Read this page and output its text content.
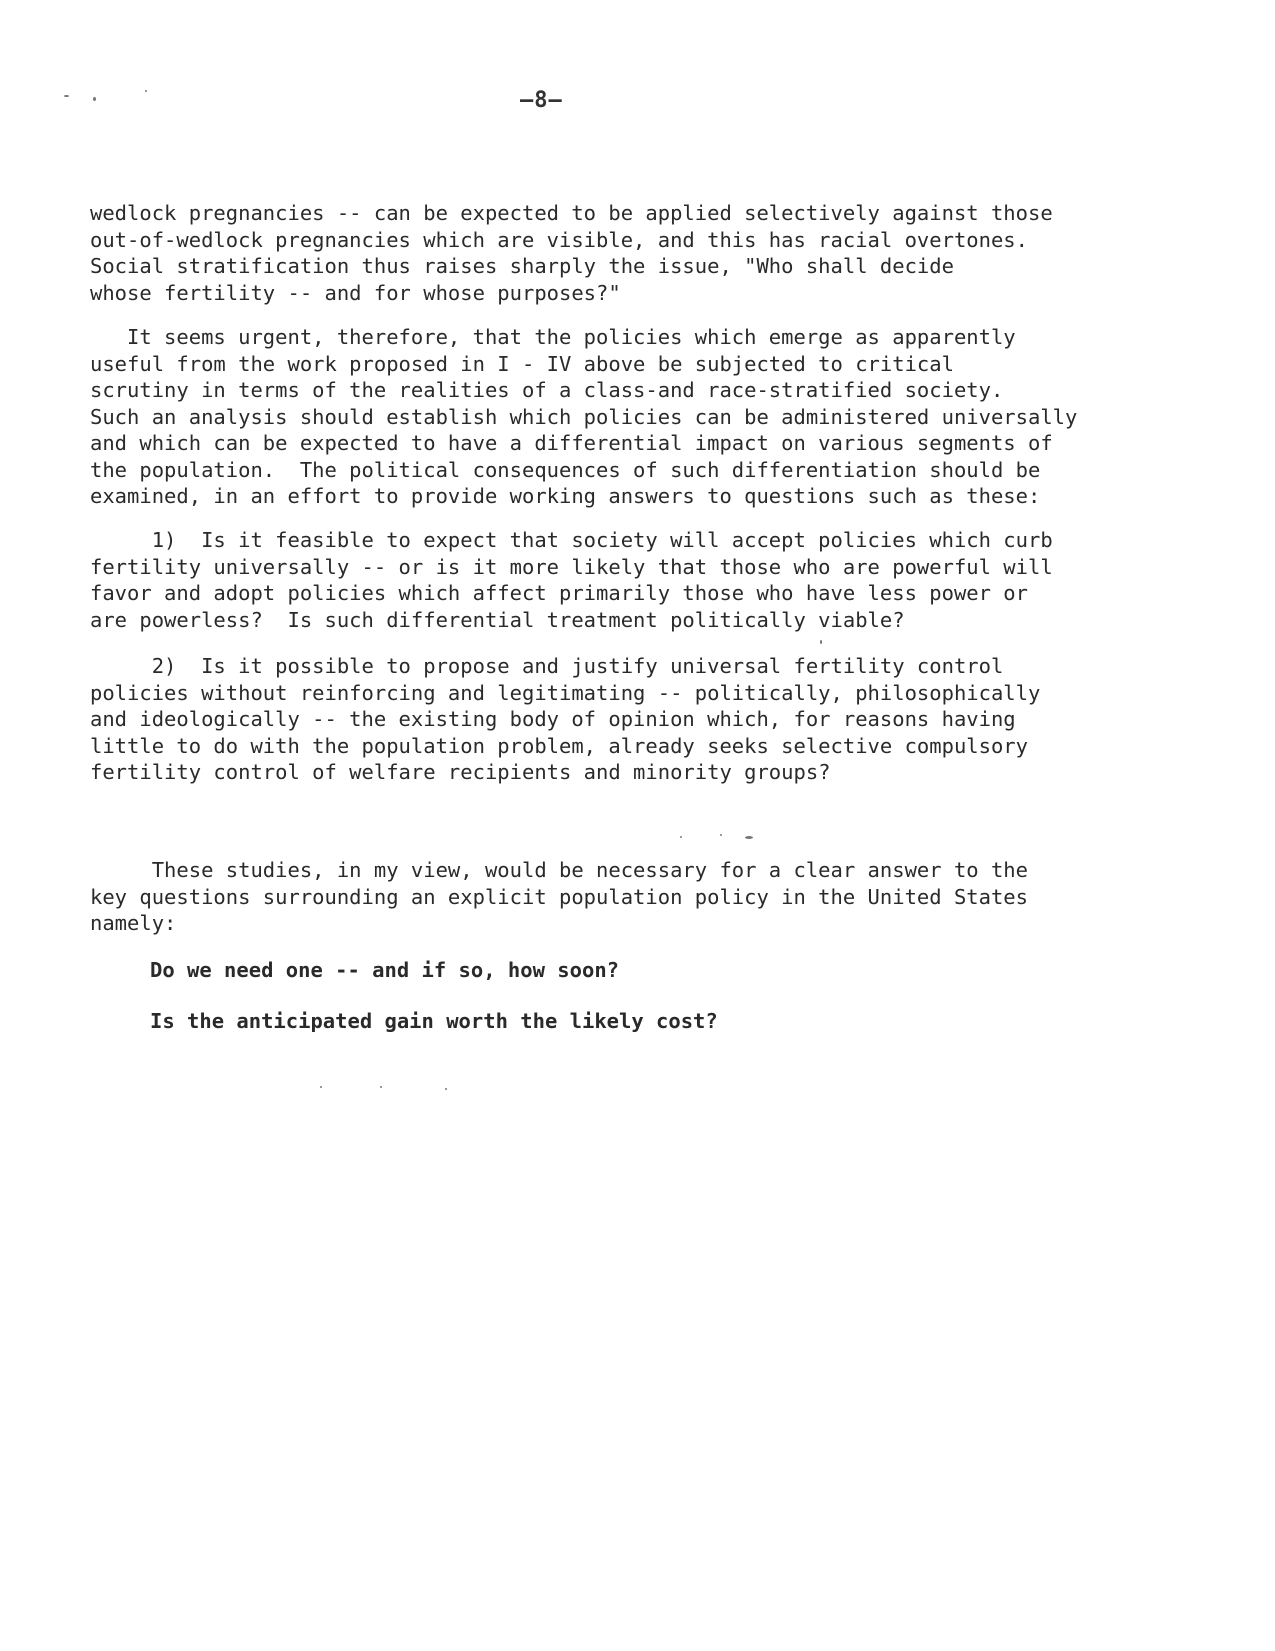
—8—

wedlock pregnancies -- can be expected to be applied selectively against those

out-of-wedlock pregnancies which are visible, and this has racial overtones.

Social stratification thus raises sharply the issue, "Who shall decide

whose fertility -- and for whose purposes?"

It seems urgent, therefore, that the policies which emerge as apparently

useful from the work proposed in I - IV above be subjected to critical

scrutiny in terms of the realities of a class-and race-stratified society.

Such an analysis should establish which policies can be administered universally

and which can be expected to have a differential impact on various segments of

the population.  The political consequences of such differentiation should be

examined, in an effort to provide working answers to questions such as these:

1)  Is it feasible to expect that society will accept policies which curb

fertility universally -- or is it more likely that those who are powerful will

favor and adopt policies which affect primarily those who have less power or

are powerless?  Is such differential treatment politically viable?

2)  Is it possible to propose and justify universal fertility control

policies without reinforcing and legitimating -- politically, philosophically

and ideologically -- the existing body of opinion which, for reasons having

little to do with the population problem, already seeks selective compulsory

fertility control of welfare recipients and minority groups?

These studies, in my view, would be necessary for a clear answer to the

key questions surrounding an explicit population policy in the United States

namely:

Do we need one -- and if so, how soon?
Is the anticipated gain worth the likely cost?
